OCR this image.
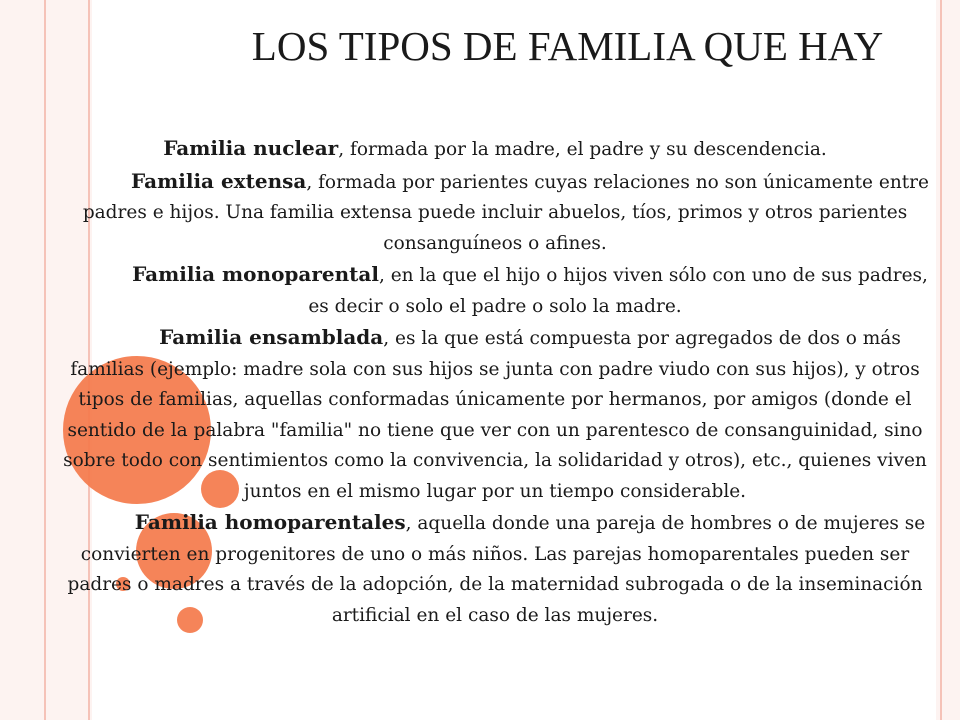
LOS TIPOS DE FAMILIA QUE HAY

Familia nuclear, formada por la madre, el padre y su descendencia.

Familia extensa, formada por parientes cuyas relaciones no son únicamente entre padres e hijos. Una familia extensa puede incluir abuelos, tíos, primos y otros parientes consanguíneos o afines.

Familia monoparental, en la que el hijo o hijos viven sólo con uno de sus padres, es decir o solo el padre o solo la madre.

Familia ensamblada, es la que está compuesta por agregados de dos o más familias (ejemplo: madre sola con sus hijos se junta con padre viudo con sus hijos), y otros tipos de familias, aquellas conformadas únicamente por hermanos, por amigos (donde el sentido de la palabra "familia" no tiene que ver con un parentesco de consanguinidad, sino sobre todo con sentimientos como la convivencia, la solidaridad y otros), etc., quienes viven juntos en el mismo lugar por un tiempo considerable.

Familia homoparentales, aquella donde una pareja de hombres o de mujeres se convierten en progenitores de uno o más niños. Las parejas homoparentales pueden ser padres o madres a través de la adopción, de la maternidad subrogada o de la inseminación artificial en el caso de las mujeres.
